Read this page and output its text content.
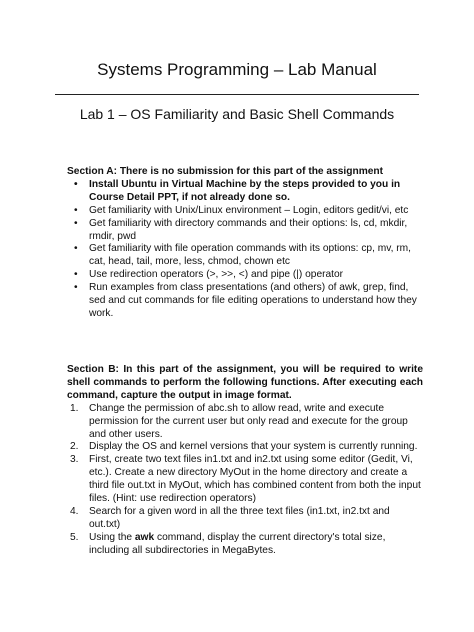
Systems Programming – Lab Manual
Lab 1 – OS Familiarity and Basic Shell Commands
Section A: There is no submission for this part of the assignment
• Install Ubuntu in Virtual Machine by the steps provided to you in Course Detail PPT, if not already done so.
• Get familiarity with Unix/Linux environment – Login, editors gedit/vi, etc
• Get familiarity with directory commands and their options: ls, cd, mkdir, rmdir, pwd
• Get familiarity with file operation commands with its options: cp, mv, rm, cat, head, tail, more, less, chmod, chown etc
• Use redirection operators (>, >>, <) and pipe (|) operator
• Run examples from class presentations (and others) of awk, grep, find, sed and cut commands for file editing operations to understand how they work.
Section B: In this part of the assignment, you will be required to write shell commands to perform the following functions. After executing each command, capture the output in image format.
1. Change the permission of abc.sh to allow read, write and execute permission for the current user but only read and execute for the group and other users.
2. Display the OS and kernel versions that your system is currently running.
3. First, create two text files in1.txt and in2.txt using some editor (Gedit, Vi, etc.). Create a new directory MyOut in the home directory and create a third file out.txt in MyOut, which has combined content from both the input files. (Hint: use redirection operators)
4. Search for a given word in all the three text files (in1.txt, in2.txt and out.txt)
5. Using the awk command, display the current directory's total size, including all subdirectories in MegaBytes.
